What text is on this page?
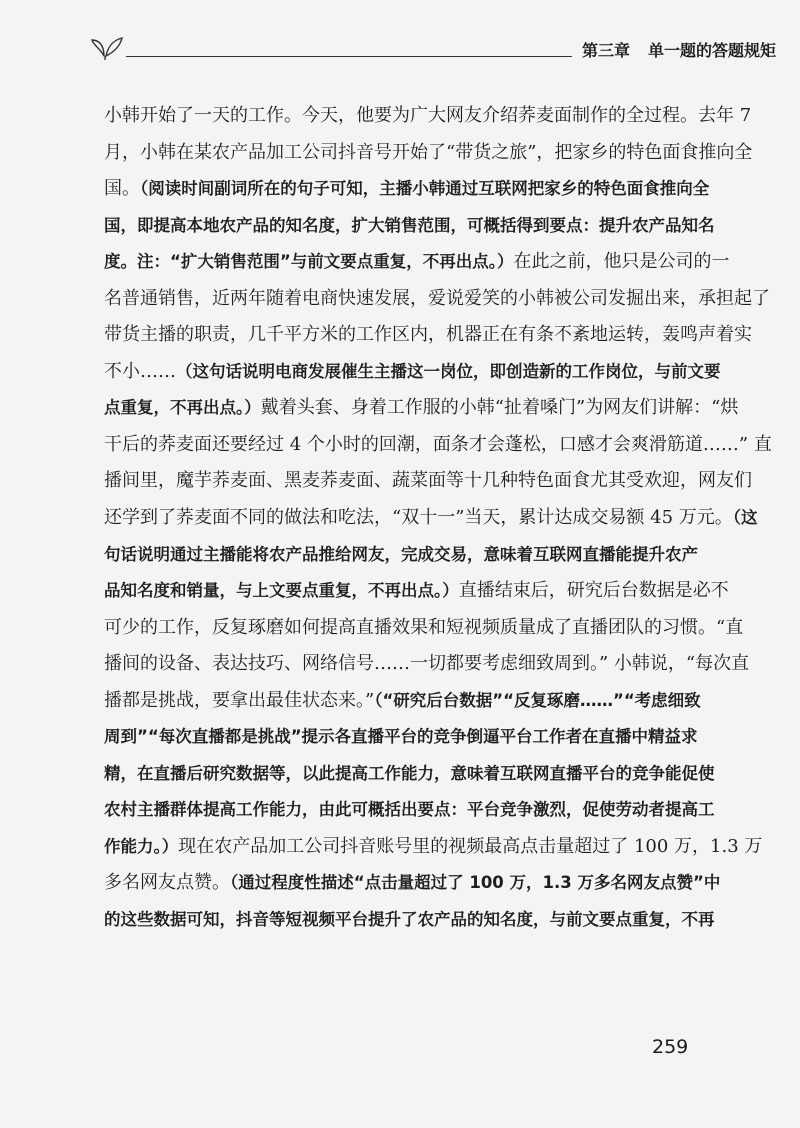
第三章 单一题的答题规矩
小韩开始了一天的工作。今天，他要为广大网友介绍荞麦面制作的全过程。去年 7
月，小韩在某农产品加工公司抖音号开始了“带货之旅”，把家乡的特色面食推向全
国。（阅读时间副词所在的句子可知，主播小韩通过互联网把家乡的特色面食推向全
国，即提高本地农产品的知名度，扩大销售范围，可概括得到要点：提升农产品知名
度。注：“扩大销售范围”与前文要点重复，不再出点。）在此之前，他只是公司的一
名普通销售，近两年随着电商快速发展，爱说爱笑的小韩被公司发掘出来，承担起了
带货主播的职责，几千平方米的工作区内，机器正在有条不紊地运转，轰鸣声着实
不小……（这句话说明电商发展催生主播这一岗位，即创造新的工作岗位，与前文要
点重复，不再出点。）戴着头套、身着工作服的小韩“扯着嗓门”为网友们讲解：“烘
干后的荞麦面还要经过 4 个小时的回潮，面条才会蓬松，口感才会爽滑筋道……” 直
播间里，魔芋荞麦面、黑麦荞麦面、蔬菜面等十几种特色面食尤其受欢迎，网友们
还学到了荞麦面不同的做法和吃法，“双十一”当天，累计达成交易额 45 万元。（这
句话说明通过主播能将农产品推给网友，完成交易，意味着互联网直播能提升农产
品知名度和销量，与上文要点重复，不再出点。）直播结束后，研究后台数据是必不
可少的工作，反复琢磨如何提高直播效果和短视频质量成了直播团队的习惯。“直
播间的设备、表达技巧、网络信号……一切都要考虑细致周到。” 小韩说，“每次直
播都是挑战，要拿出最佳状态来。”（“研究后台数据”“反复琢磨……”“考虑细致
周到”“每次直播都是挑战”提示各直播平台的竞争倒逼平台工作者在直播中精益求
精，在直播后研究数据等，以此提高工作能力，意味着互联网直播平台的竞争能促使
农村主播群体提高工作能力，由此可概括出要点：平台竞争激烈，促使劳动者提高工
作能力。）现在农产品加工公司抖音账号里的视频最高点击量超过了 100 万，1.3 万
多名网友点赞。（通过程度性描述“点击量超过了 100 万，1.3 万多名网友点赞”中
的这些数据可知，抖音等短视频平台提升了农产品的知名度，与前文要点重复，不再
259
